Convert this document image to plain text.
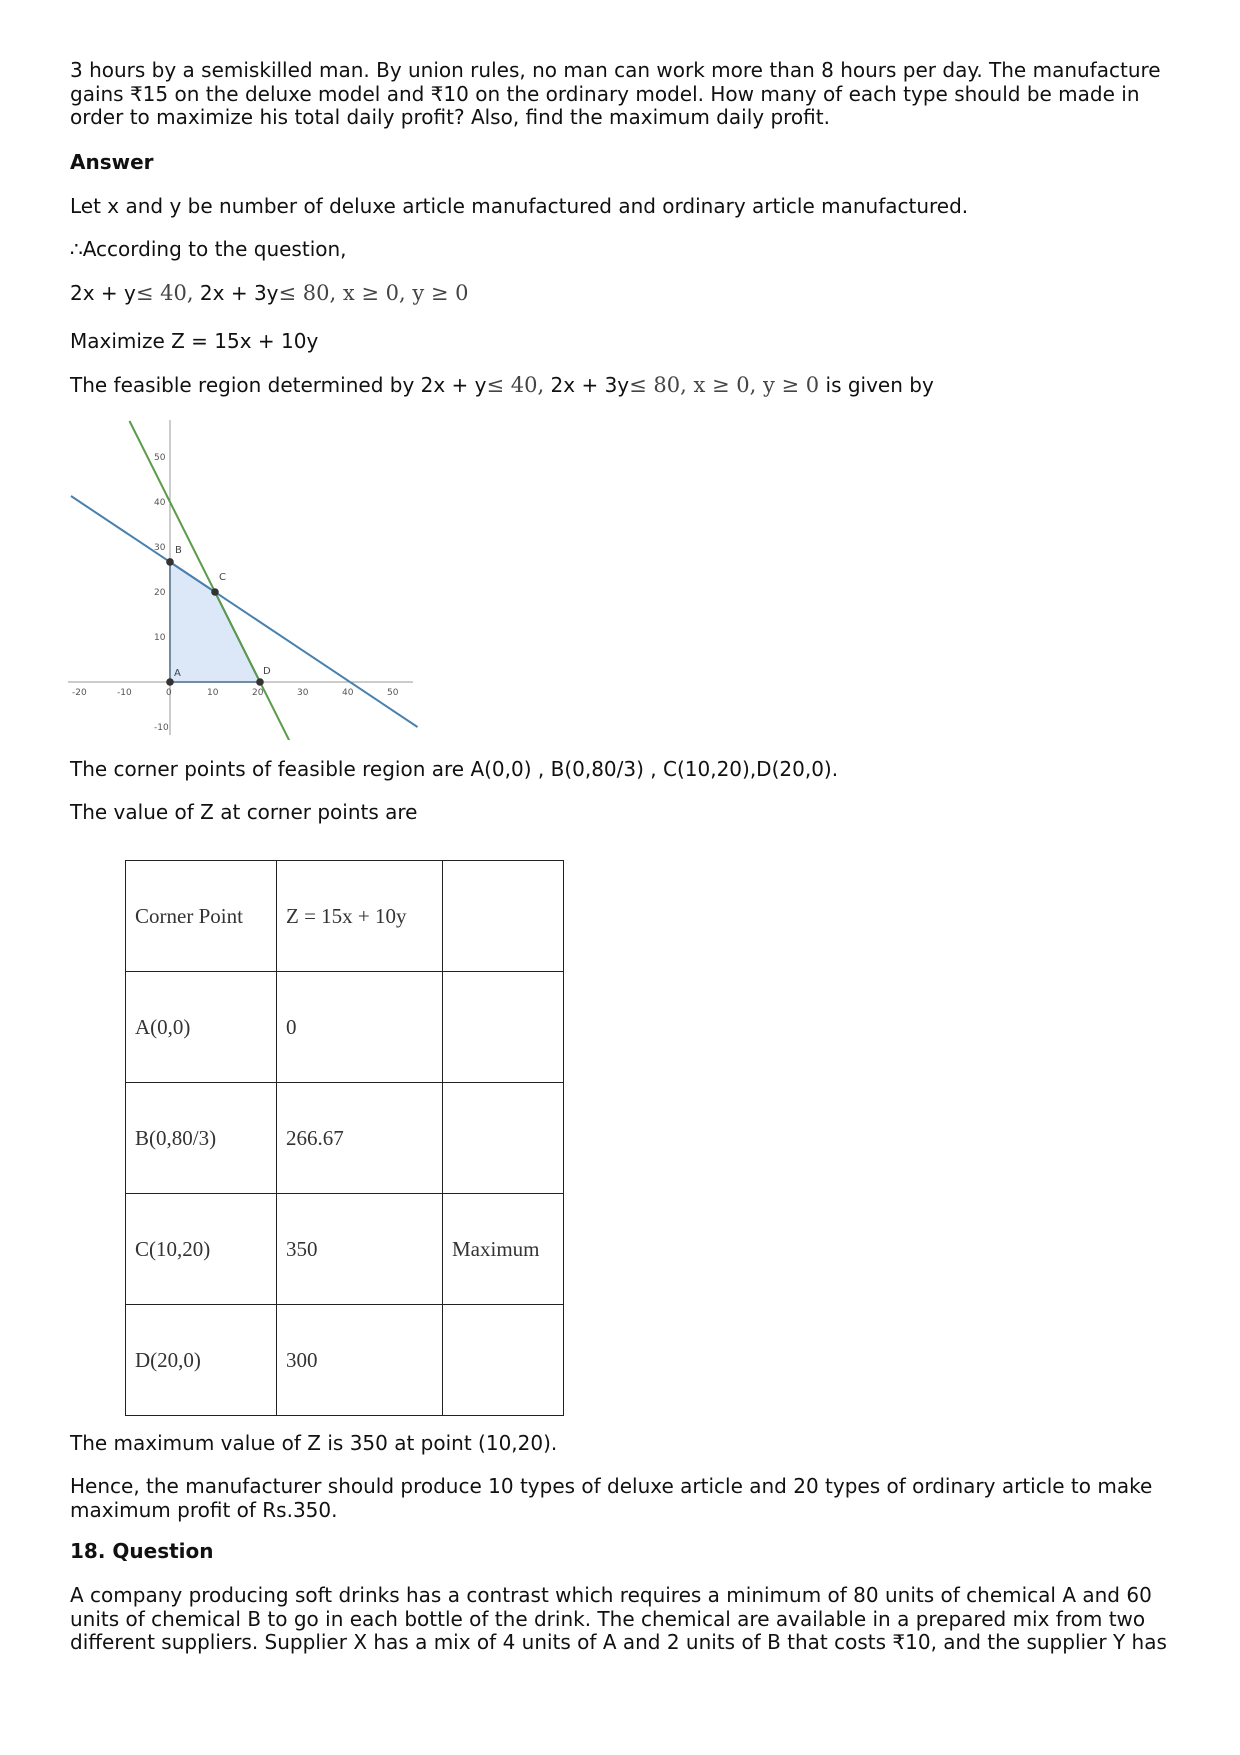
3 hours by a semiskilled man. By union rules, no man can work more than 8 hours per day. The manufacture gains ₹15 on the deluxe model and ₹10 on the ordinary model. How many of each type should be made in order to maximize his total daily profit? Also, find the maximum daily profit.
Answer
Let x and y be number of deluxe article manufactured and ordinary article manufactured.
∴According to the question,
2x + y≤ 40, 2x + 3y≤ 80, x ≥ 0, y ≥ 0
Maximize Z = 15x + 10y
The feasible region determined by 2x + y≤ 40, 2x + 3y≤ 80, x ≥ 0, y ≥ 0 is given by
-20	-10	0	10	20	30	40	50
50
40
30
20
10
-10
A
B
C
D
The corner points of feasible region are A(0,0) , B(0,80/3) , C(10,20),D(20,0).
The value of Z at corner points are
Corner Point	Z = 15x + 10y	
A(0,0)	0	
B(0,80/3)	266.67	
C(10,20)	350	Maximum
D(20,0)	300	
The maximum value of Z is 350 at point (10,20).
Hence, the manufacturer should produce 10 types of deluxe article and 20 types of ordinary article to make maximum profit of Rs.350.
18. Question
A company producing soft drinks has a contrast which requires a minimum of 80 units of chemical A and 60 units of chemical B to go in each bottle of the drink. The chemical are available in a prepared mix from two different suppliers. Supplier X has a mix of 4 units of A and 2 units of B that costs ₹10, and the supplier Y has
